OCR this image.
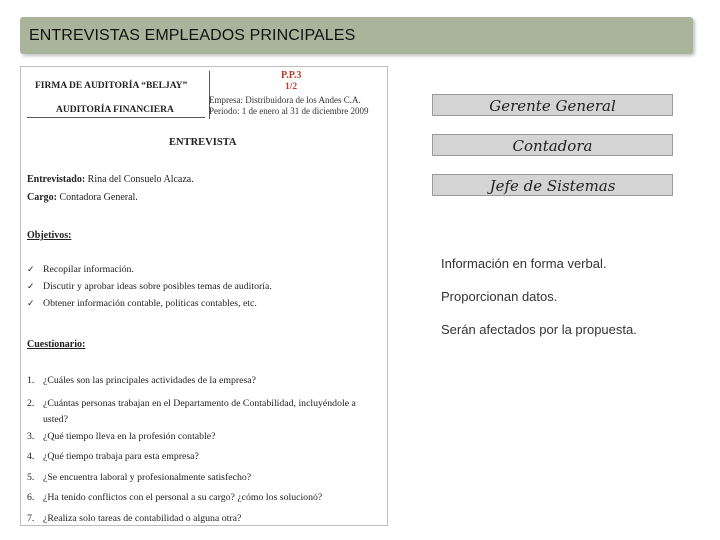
ENTREVISTAS EMPLEADOS PRINCIPALES
FIRMA DE AUDITORÍA “BELJAY”
AUDITORÍA FINANCIERA
P.P.3
1/2
Empresa: Distribuidora de los Andes C.A.
Periodo: 1 de enero al 31 de diciembre 2009
ENTREVISTA
Entrevistado: Rina del Consuelo Alcaza.
Cargo: Contadora General.
Objetivos:
✓ Recopilar información.
✓ Discutir y aprobar ideas sobre posibles temas de auditoría.
✓ Obtener información contable, políticas contables, etc.
Cuestionario:
1. ¿Cuáles son las principales actividades de la empresa?
2. ¿Cuántas personas trabajan en el Departamento de Contabilidad, incluyéndole a usted?
3. ¿Qué tiempo lleva en la profesión contable?
4. ¿Qué tiempo trabaja para esta empresa?
5. ¿Se encuentra laboral y profesionalmente satisfecho?
6. ¿Ha tenido conflictos con el personal a su cargo? ¿cómo los solucionó?
7. ¿Realiza solo tareas de contabilidad o alguna otra?
Gerente General
Contadora
Jefe de Sistemas
Información en forma verbal.
Proporcionan datos.
Serán afectados por la propuesta.
